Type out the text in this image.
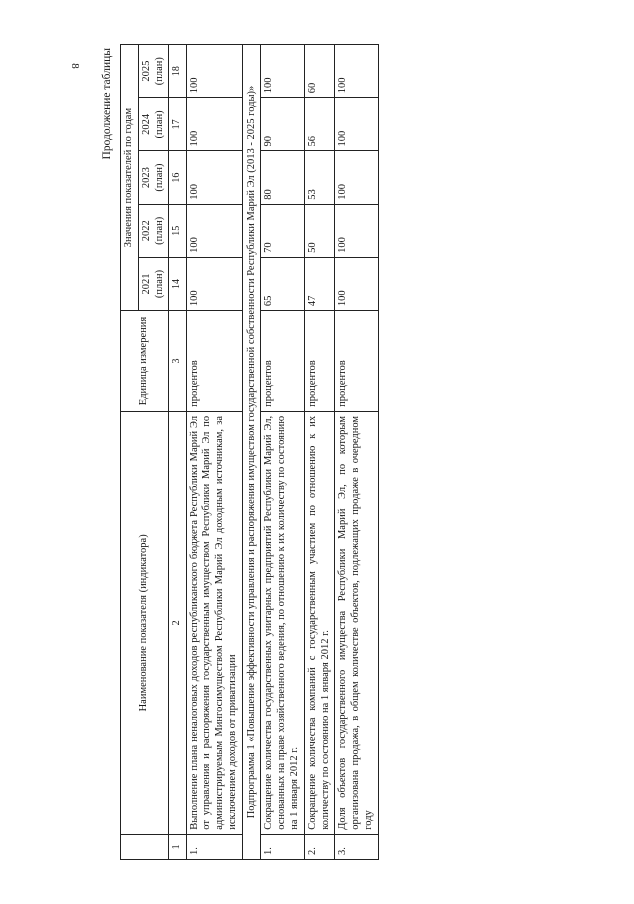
8 Продолжение таблицы
	Наименование показателя (индикатора)	Единица измерения	Значения показателей по годам				
			2021 (план)	2022 (план)	2023 (план)	2024 (план)	2025 (план)
1	2	3	14	15	16	17	18
1.	Выполнение плана неналоговых доходов республиканского бюджета Республики Марий Эл от управления и распоряжения государственным имуществом Республики Марий Эл по администрируемым Мингосимуществом Республики Марий Эл доходным источникам, за исключением доходов от приватизации	процентов	100	100	100	100	100
Подпрограмма 1 «Повышение эффективности управления и распоряжения имуществом государственной собственности Республики Марий Эл (2013 - 2025 годы)»							
1.	Сокращение количества государственных унитарных предприятий Республики Марий Эл, основанных на праве хозяйственного ведения, по отношению к их количеству по состоянию на 1 января 2012 г.	процентов	65	70	80	90	100
2.	Сокращение количества компаний с государственным участием по отношению к их количеству по состоянию на 1 января 2012 г.	процентов	47	50	53	56	60
3.	Доля объектов государственного имущества Республики Марий Эл, по которым организована продажа, в общем количестве объектов, подлежащих продаже в очередном году	процентов	100	100	100	100	100
